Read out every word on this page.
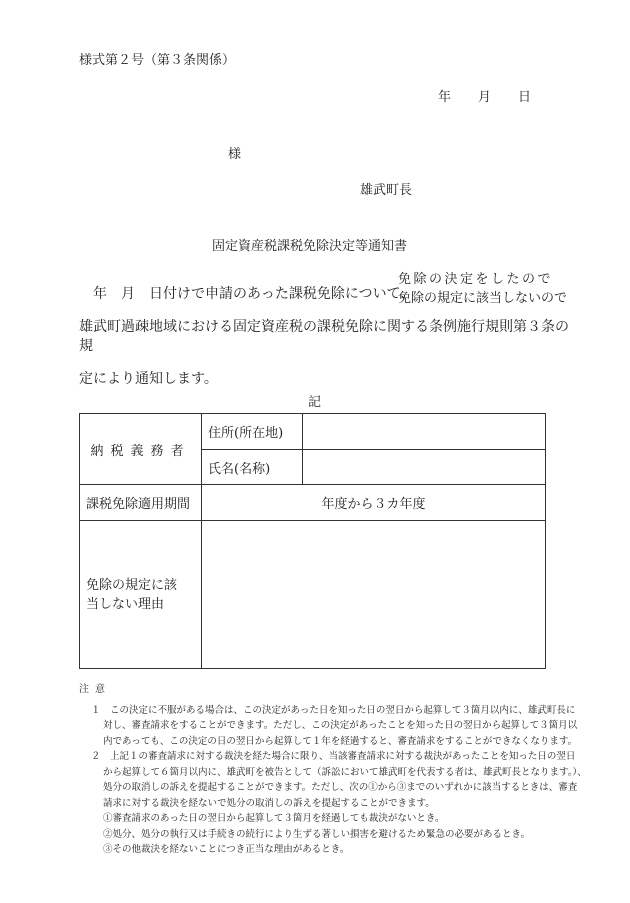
様式第２号（第３条関係）
年 月 日
様
雄武町長
固定資産税課税免除決定等通知書
年　月　日付けで申請のあった課税免除について、
免除の決定をしたので
免除の規定に該当しないので
雄武町過疎地域における固定資産税の課税免除に関する条例施行規則第３条の
規
定により通知します。
記
納税義務者	住所(所在地)	
	氏名(名称)	
課税免除適用期間	年度から３カ年度	

免除の規定に該当しない理由		

注意
１　この決定に不服がある場合は、この決定があった日を知った日の翌日から起算して３箇月以内に、雄武町長に
対し、審査請求をすることができます。ただし、この決定があったことを知った日の翌日から起算して３箇月以
内であっても、この決定の日の翌日から起算して１年を経過すると、審査請求をすることができなくなります。
２　上記１の審査請求に対する裁決を経た場合に限り、当該審査請求に対する裁決があったことを知った日の翌日
から起算して６箇月以内に、雄武町を被告として（訴訟において雄武町を代表する者は、雄武町長となります。）、
処分の取消しの訴えを提起することができます。ただし、次の①から③までのいずれかに該当するときは、審査
請求に対する裁決を経ないで処分の取消しの訴えを提起することができます。
①審査請求のあった日の翌日から起算して３箇月を経過しても裁決がないとき。
②処分、処分の執行又は手続きの続行により生ずる著しい損害を避けるため緊急の必要があるとき。
③その他裁決を経ないことにつき正当な理由があるとき。
